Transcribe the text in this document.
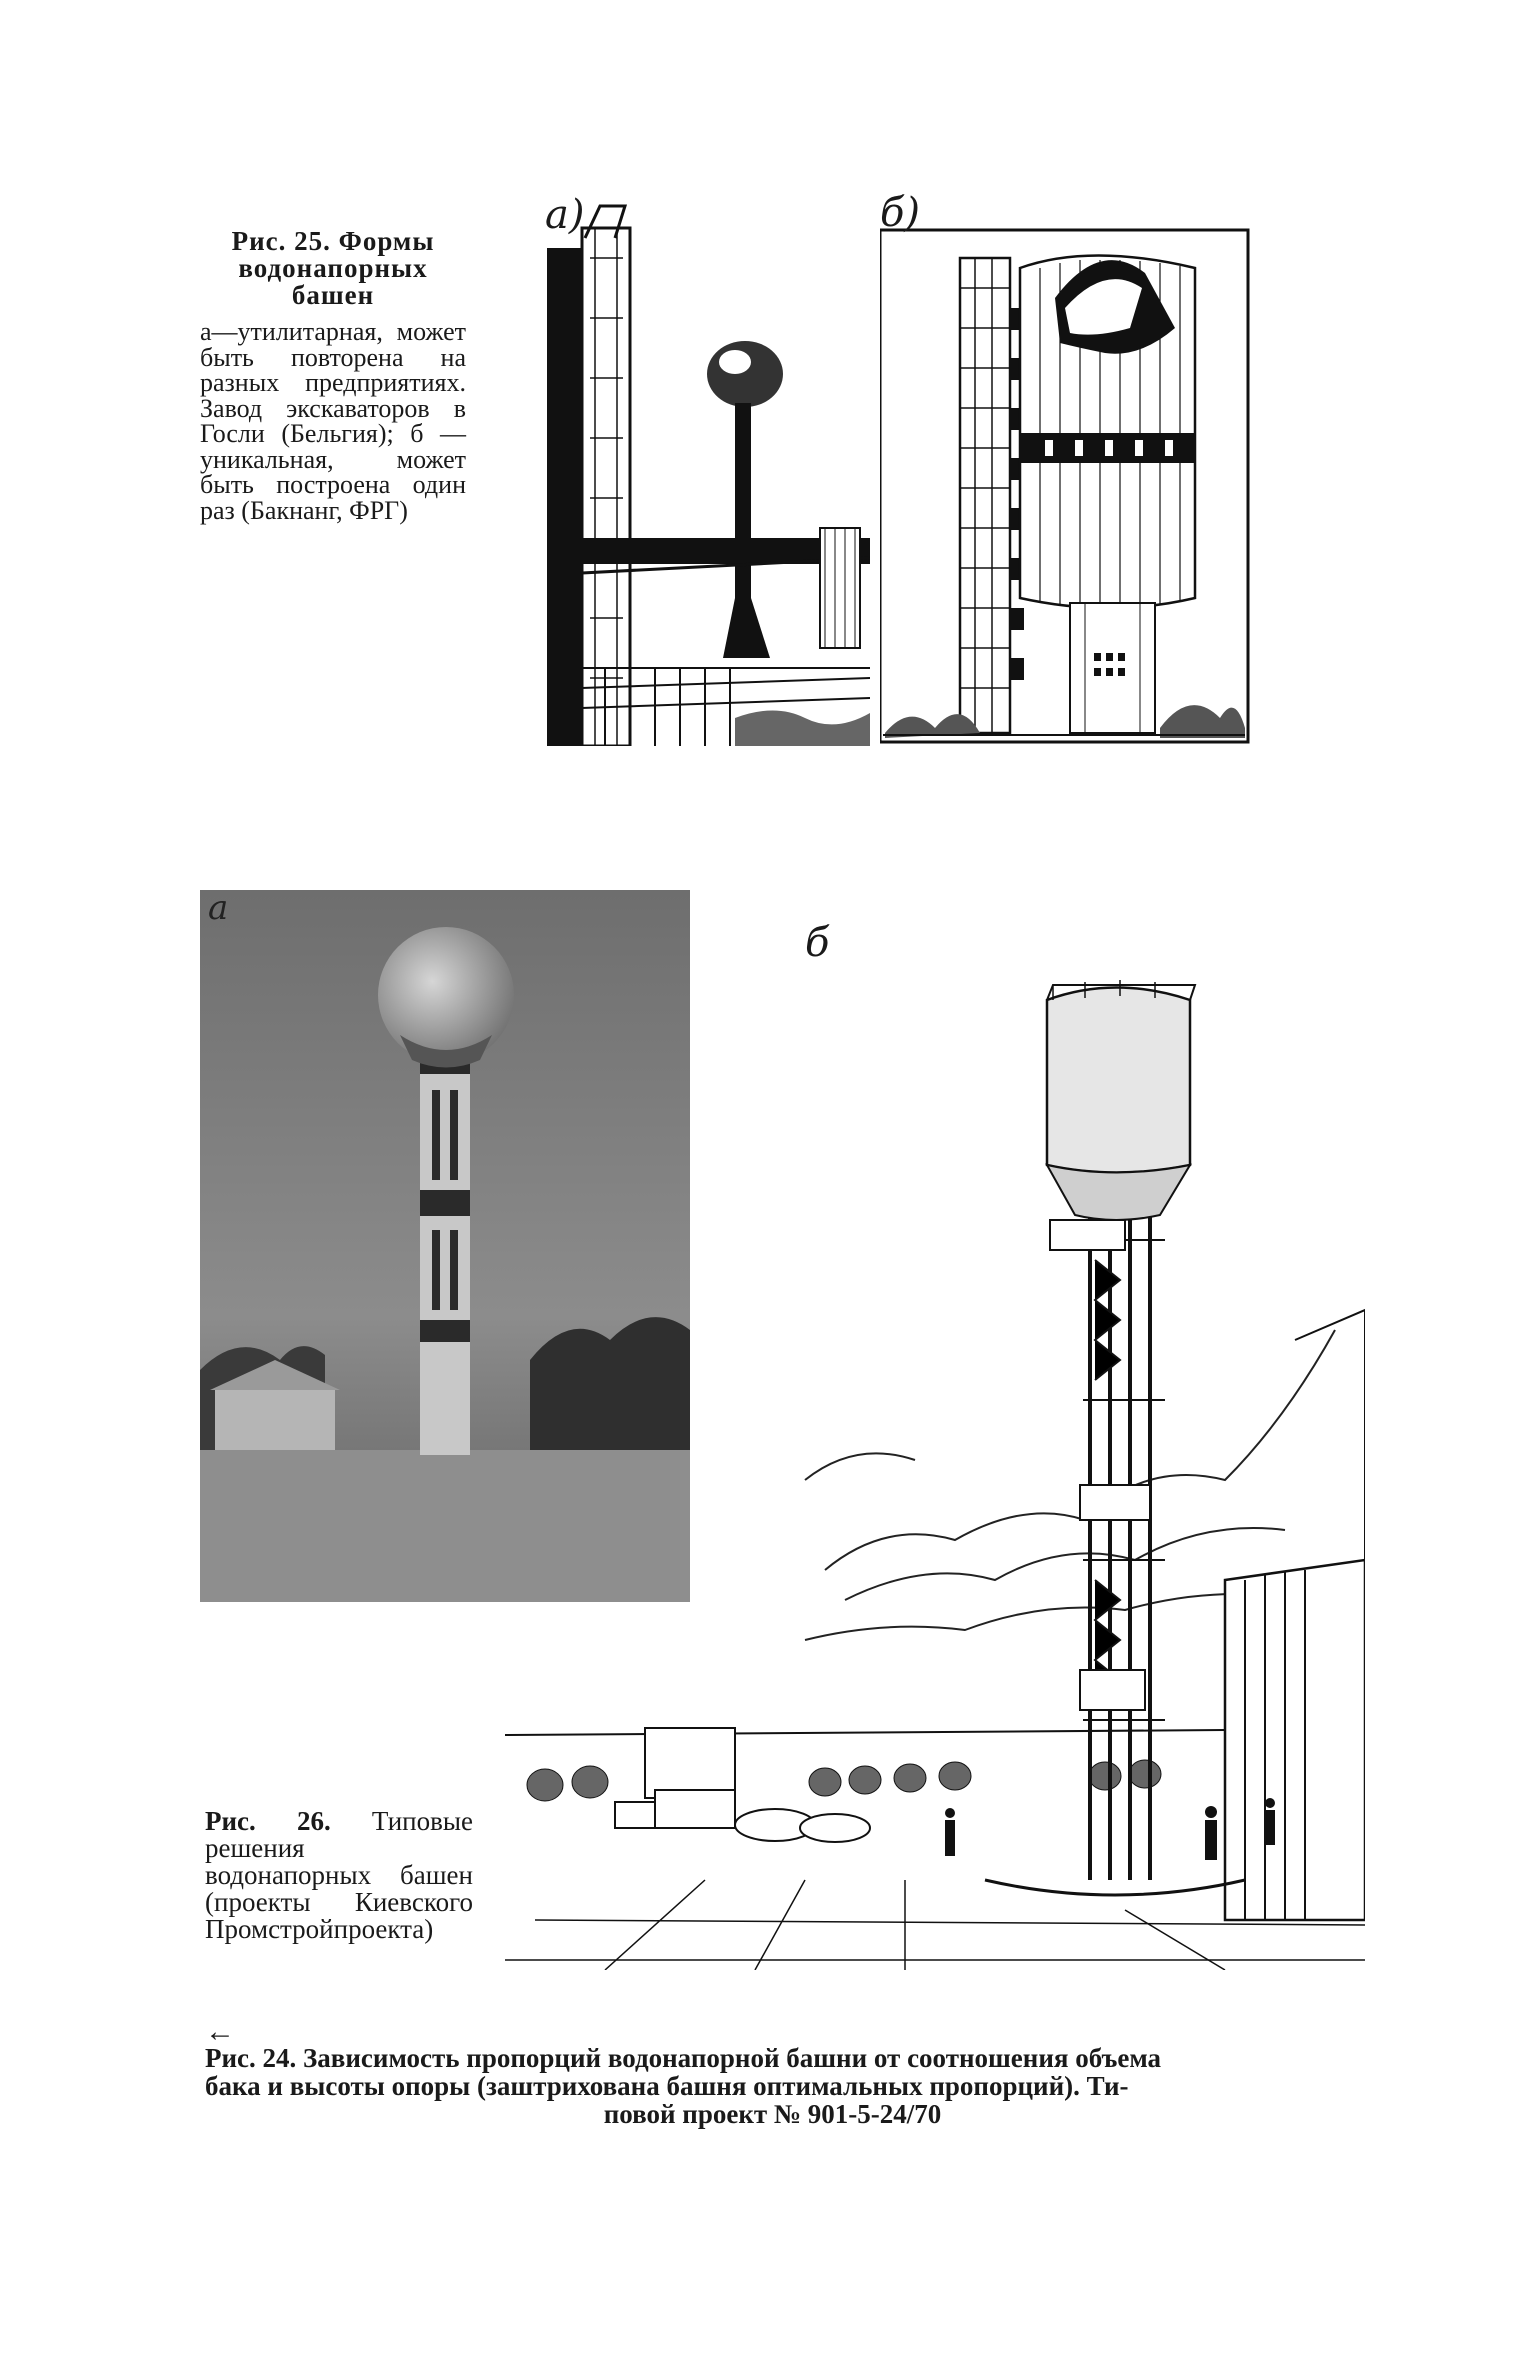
Рис. 25. Формы водонапорных башен
а—утилитарная, может быть повторена на разных предприятиях. Завод экскаваторов в Госли (Бельгия); б — уникальная, может быть построена один раз (Бакнанг, ФРГ)
а)	б)
а
б
Рис. 26. Типовые решения водонапорных башен (проекты Киевского Промстройпроекта)
←
Рис. 24. Зависимость пропорций водонапорной башни от соотношения объема
бака и высоты опоры (заштрихована башня оптимальных пропорций). Ти-
повой проект № 901-5-24/70
